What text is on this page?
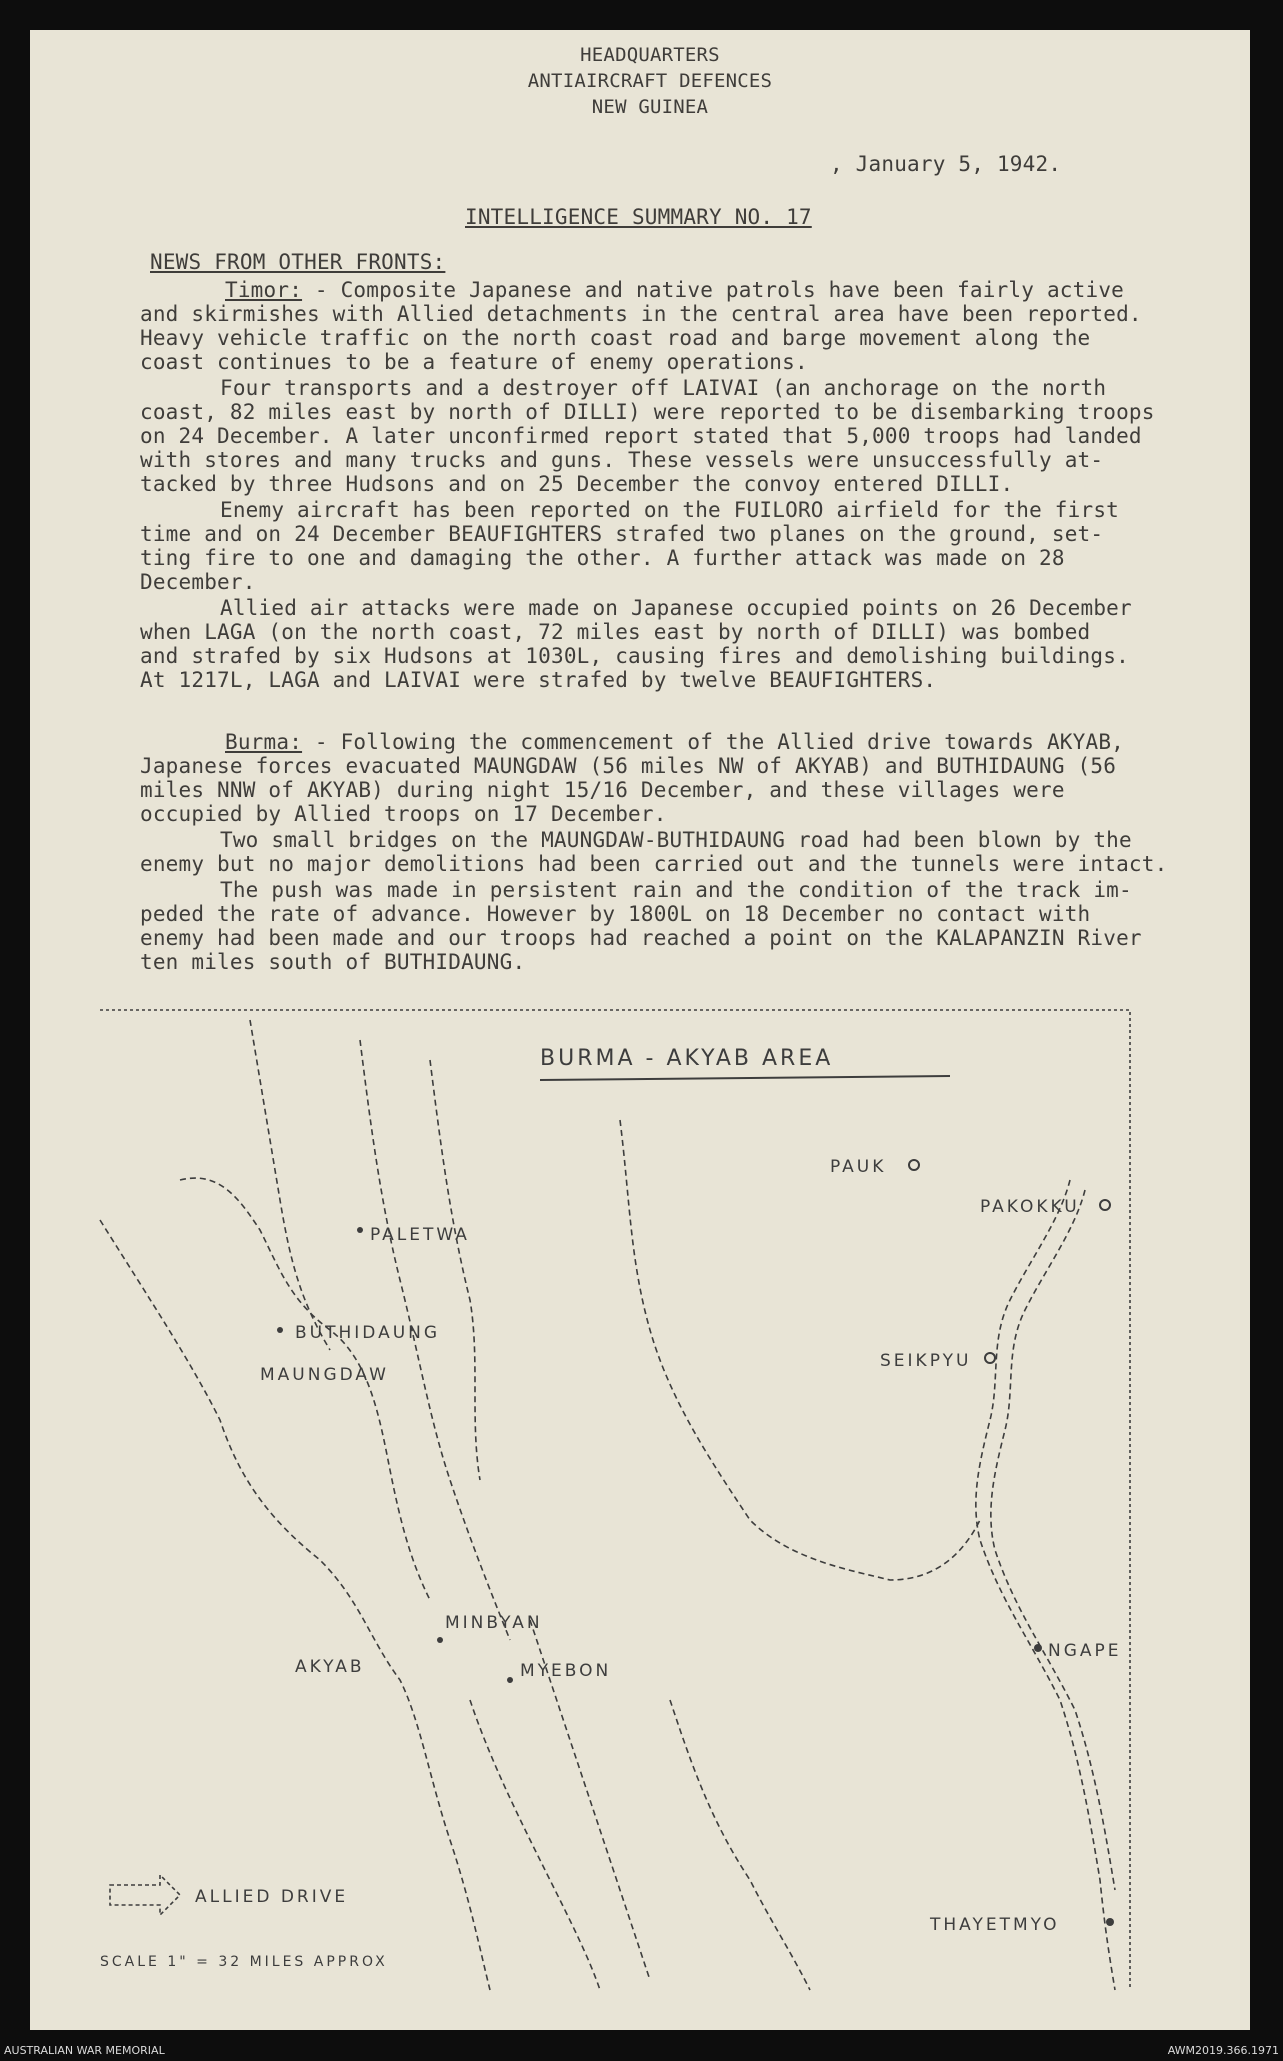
HEADQUARTERS
ANTIAIRCRAFT DEFENCES
NEW GUINEA
, January 5, 1942.
INTELLIGENCE SUMMARY NO. 17
NEWS FROM OTHER FRONTS:
Timor: - Composite Japanese and native patrols have been fairly active
and skirmishes with Allied detachments in the central area have been reported.
Heavy vehicle traffic on the north coast road and barge movement along the
coast continues to be a feature of enemy operations.
Four transports and a destroyer off LAIVAI (an anchorage on the north
coast, 82 miles east by north of DILLI) were reported to be disembarking troops
on 24 December. A later unconfirmed report stated that 5,000 troops had landed
with stores and many trucks and guns. These vessels were unsuccessfully at-
tacked by three Hudsons and on 25 December the convoy entered DILLI.
Enemy aircraft has been reported on the FUILORO airfield for the first
time and on 24 December BEAUFIGHTERS strafed two planes on the ground, set-
ting fire to one and damaging the other. A further attack was made on 28
December.
Allied air attacks were made on Japanese occupied points on 26 December
when LAGA (on the north coast, 72 miles east by north of DILLI) was bombed
and strafed by six Hudsons at 1030L, causing fires and demolishing buildings.
At 1217L, LAGA and LAIVAI were strafed by twelve BEAUFIGHTERS.
Burma: - Following the commencement of the Allied drive towards AKYAB,
Japanese forces evacuated MAUNGDAW (56 miles NW of AKYAB) and BUTHIDAUNG (56
miles NNW of AKYAB) during night 15/16 December, and these villages were
occupied by Allied troops on 17 December.
Two small bridges on the MAUNGDAW-BUTHIDAUNG road had been blown by the
enemy but no major demolitions had been carried out and the tunnels were intact.
The push was made in persistent rain and the condition of the track im-
peded the rate of advance. However by 1800L on 18 December no contact with
enemy had been made and our troops had reached a point on the KALAPANZIN River
ten miles south of BUTHIDAUNG.
BURMA - AKYAB AREA
PALETWA
BUTHIDAUNG
MAUNGDAW
AKYAB
MINBYAN
MYEBON
PAUK
PAKOKKU
SEIKPYU
NGAPE
THAYETMYO
ALLIED DRIVE
SCALE 1" = 32 MILES APPROX
AUSTRALIAN WAR MEMORIAL	AWM2019.366.1971
